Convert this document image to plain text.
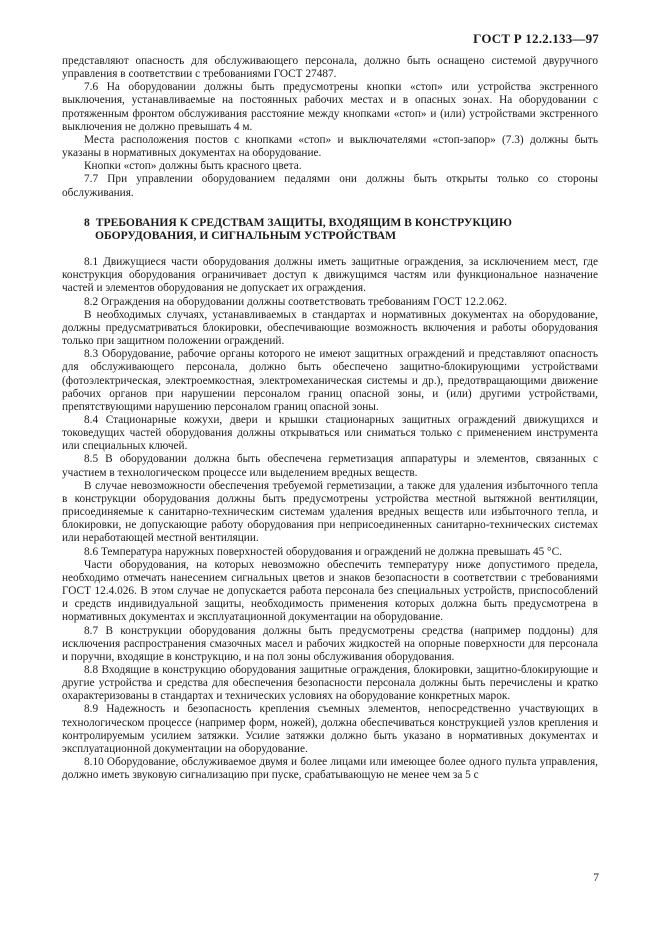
ГОСТ Р 12.2.133—97

представляют опасность для обслуживающего персонала, должно быть оснащено системой двуручного управления в соответствии с требованиями ГОСТ 27487.

7.6 На оборудовании должны быть предусмотрены кнопки «стоп» или устройства экстренного выключения, устанавливаемые на постоянных рабочих местах и в опасных зонах. На оборудовании с протяженным фронтом обслуживания расстояние между кнопками «стоп» и (или) устройствами экстренного выключения не должно превышать 4 м.

Места расположения постов с кнопками «стоп» и выключателями «стоп-запор» (7.3) должны быть указаны в нормативных документах на оборудование.

Кнопки «стоп» должны быть красного цвета.

7.7 При управлении оборудованием педалями они должны быть открыты только со стороны обслуживания.

8 ТРЕБОВАНИЯ К СРЕДСТВАМ ЗАЩИТЫ, ВХОДЯЩИМ В КОНСТРУКЦИЮ
ОБОРУДОВАНИЯ, И СИГНАЛЬНЫМ УСТРОЙСТВАМ

8.1 Движущиеся части оборудования должны иметь защитные ограждения, за исключением мест, где конструкция оборудования ограничивает доступ к движущимся частям или функциональное назначение частей и элементов оборудования не допускает их ограждения.

8.2 Ограждения на оборудовании должны соответствовать требованиям ГОСТ 12.2.062.

В необходимых случаях, устанавливаемых в стандартах и нормативных документах на оборудование, должны предусматриваться блокировки, обеспечивающие возможность включения и работы оборудования только при защитном положении ограждений.

8.3 Оборудование, рабочие органы которого не имеют защитных ограждений и представляют опасность для обслуживающего персонала, должно быть обеспечено защитно-блокирующими устройствами (фотоэлектрическая, электроемкостная, электромеханическая системы и др.), предотвращающими движение рабочих органов при нарушении персоналом границ опасной зоны, и (или) другими устройствами, препятствующими нарушению персоналом границ опасной зоны.

8.4 Стационарные кожухи, двери и крышки стационарных защитных ограждений движущихся и токоведущих частей оборудования должны открываться или сниматься только с применением инструмента или специальных ключей.

8.5 В оборудовании должна быть обеспечена герметизация аппаратуры и элементов, связанных с участием в технологическом процессе или выделением вредных веществ.

В случае невозможности обеспечения требуемой герметизации, а также для удаления избыточного тепла в конструкции оборудования должны быть предусмотрены устройства местной вытяжной вентиляции, присоединяемые к санитарно-техническим системам удаления вредных веществ или избыточного тепла, и блокировки, не допускающие работу оборудования при неприсоединенных санитарно-технических системах или неработающей местной вентиляции.

8.6 Температура наружных поверхностей оборудования и ограждений не должна превышать 45 °С.

Части оборудования, на которых невозможно обеспечить температуру ниже допустимого предела, необходимо отмечать нанесением сигнальных цветов и знаков безопасности в соответствии с требованиями ГОСТ 12.4.026. В этом случае не допускается работа персонала без специальных устройств, приспособлений и средств индивидуальной защиты, необходимость применения которых должна быть предусмотрена в нормативных документах и эксплуатационной документации на оборудование.

8.7 В конструкции оборудования должны быть предусмотрены средства (например поддоны) для исключения распространения смазочных масел и рабочих жидкостей на опорные поверхности для персонала и поручни, входящие в конструкцию, и на пол зоны обслуживания оборудования.

8.8 Входящие в конструкцию оборудования защитные ограждения, блокировки, защитно-блокирующие и другие устройства и средства для обеспечения безопасности персонала должны быть перечислены и кратко охарактеризованы в стандартах и технических условиях на оборудование конкретных марок.

8.9 Надежность и безопасность крепления съемных элементов, непосредственно участвующих в технологическом процессе (например форм, ножей), должна обеспечиваться конструкцией узлов крепления и контролируемым усилием затяжки. Усилие затяжки должно быть указано в нормативных документах и эксплуатационной документации на оборудование.

8.10 Оборудование, обслуживаемое двумя и более лицами или имеющее более одного пульта управления, должно иметь звуковую сигнализацию при пуске, срабатывающую не менее чем за 5 с

7
